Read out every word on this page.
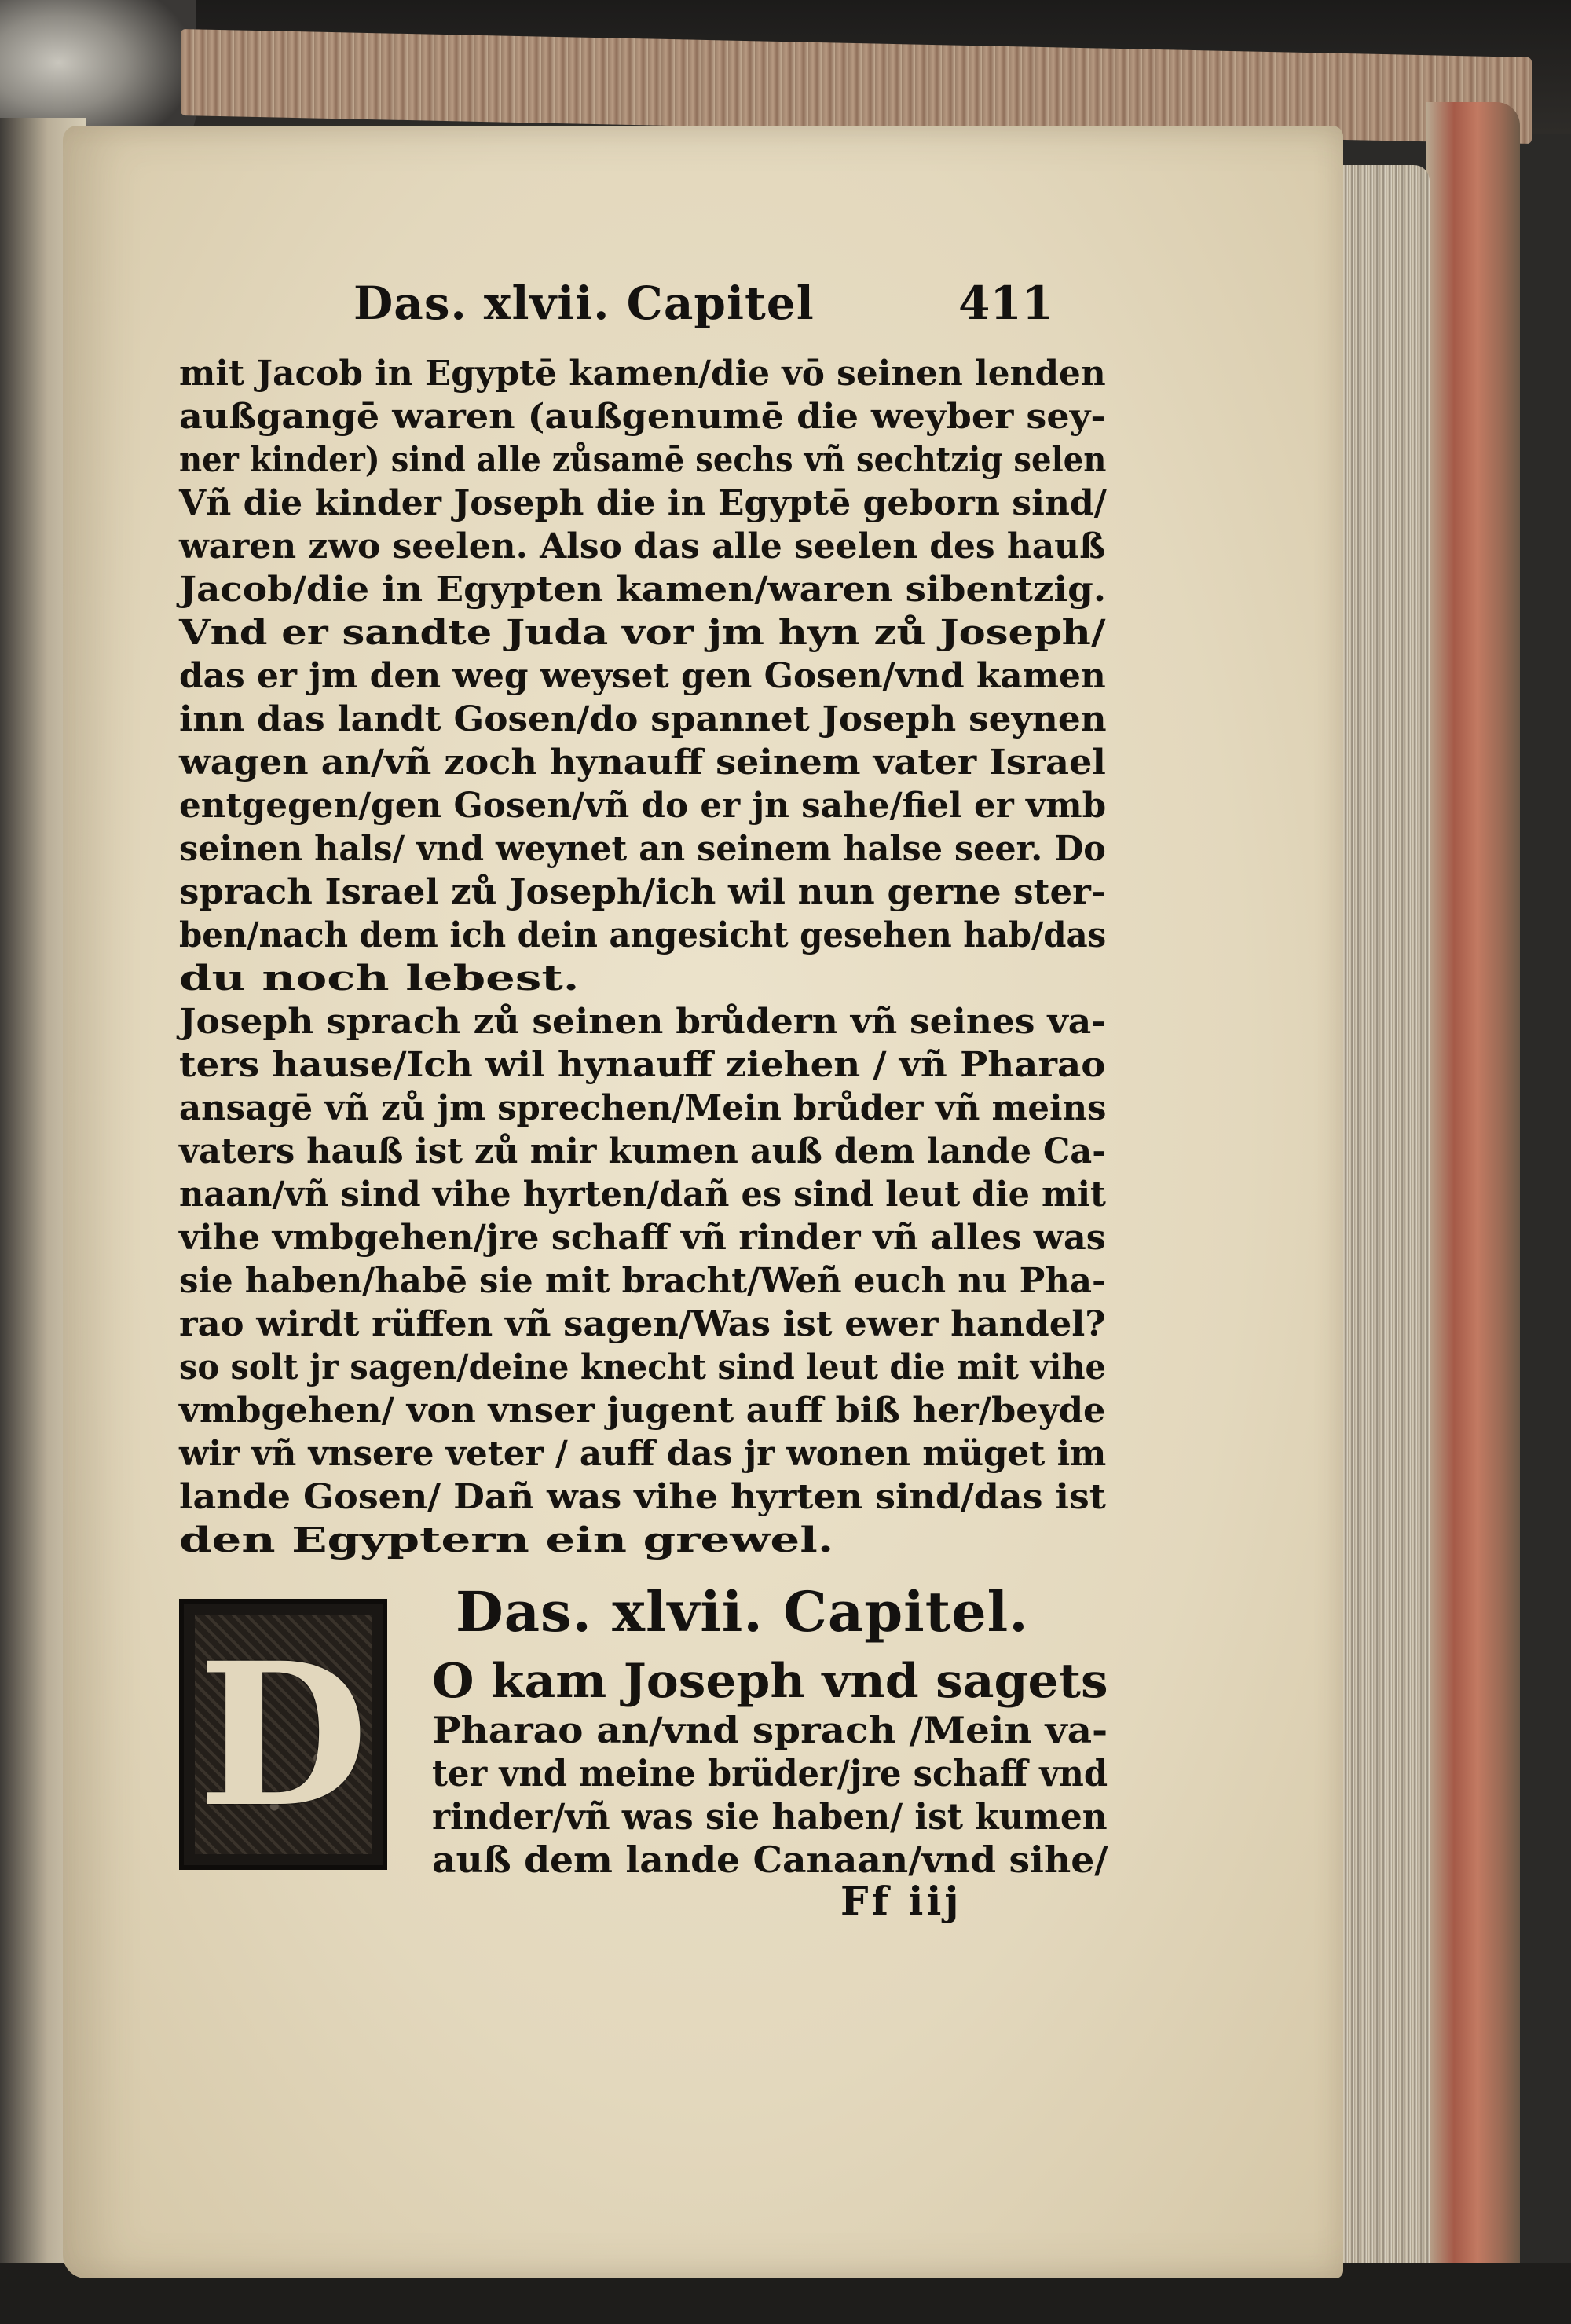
Das. xlvii. Capitel	411
mit Jacob in Egyptē kamen/die vō seinen lenden
außgangē waren (außgenumē die weyber sey-
ner kinder) sind alle zůsamē sechs vñ sechtzig selen
Vñ die kinder Joseph die in Egyptē geborn sind/
waren zwo seelen. Also das alle seelen des hauß
Jacob/die in Egypten kamen/waren sibentzig.
Vnd er sandte Juda vor jm hyn zů Joseph/
das er jm den weg weyset gen Gosen/vnd kamen
inn das landt Gosen/do spannet Joseph seynen
wagen an/vñ zoch hynauff seinem vater Israel
entgegen/gen Gosen/vñ do er jn sahe/fiel er vmb
seinen hals/ vnd weynet an seinem halse seer. Do
sprach Israel zů Joseph/ich wil nun gerne ster-
ben/nach dem ich dein angesicht gesehen hab/das
du noch lebest.
Joseph sprach zů seinen brůdern vñ seines va-
ters hause/Ich wil hynauff ziehen / vñ Pharao
ansagē vñ zů jm sprechen/Mein brůder vñ meins
vaters hauß ist zů mir kumen auß dem lande Ca-
naan/vñ sind vihe hyrten/dañ es sind leut die mit
vihe vmbgehen/jre schaff vñ rinder vñ alles was
sie haben/habē sie mit bracht/Weñ euch nu Pha-
rao wirdt rüffen vñ sagen/Was ist ewer handel?
so solt jr sagen/deine knecht sind leut die mit vihe
vmbgehen/ von vnser jugent auff biß her/beyde
wir vñ vnsere veter / auff das jr wonen müget im
lande Gosen/ Dañ was vihe hyrten sind/das ist
den Egyptern ein grewel.
Das. xlvii. Capitel.
D O kam Joseph vnd sagets
Pharao an/vnd sprach /Mein va-
ter vnd meine brüder/jre schaff vnd
rinder/vñ was sie haben/ ist kumen
auß dem lande Canaan/vnd sihe/
Ff iij
